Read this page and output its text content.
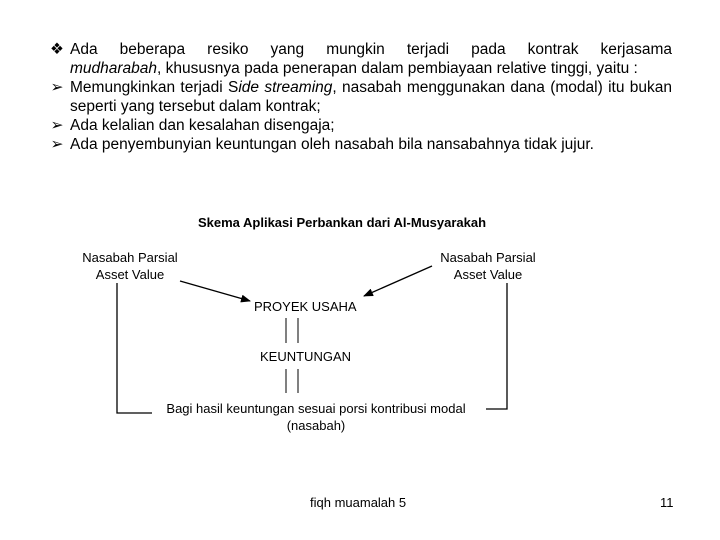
❖ Ada beberapa resiko yang mungkin terjadi pada kontrak kerjasama
mudharabah, khususnya pada penerapan dalam pembiayaan relative tinggi, yaitu :

➢ Memungkinkan terjadi Side streaming, nasabah menggunakan dana (modal) itu bukan seperti yang tersebut dalam kontrak;

➢ Ada kelalian dan kesalahan disengaja;

➢ Ada penyembunyian keuntungan oleh nasabah bila nansabahnya tidak jujur.

Skema Aplikasi Perbankan dari Al-Musyarakah
Nasabah Parsial
Asset Value
Nasabah Parsial
Asset Value
PROYEK USAHA
KEUNTUNGAN
Bagi hasil keuntungan sesuai porsi kontribusi modal
(nasabah)
fiqh muamalah 5	11
